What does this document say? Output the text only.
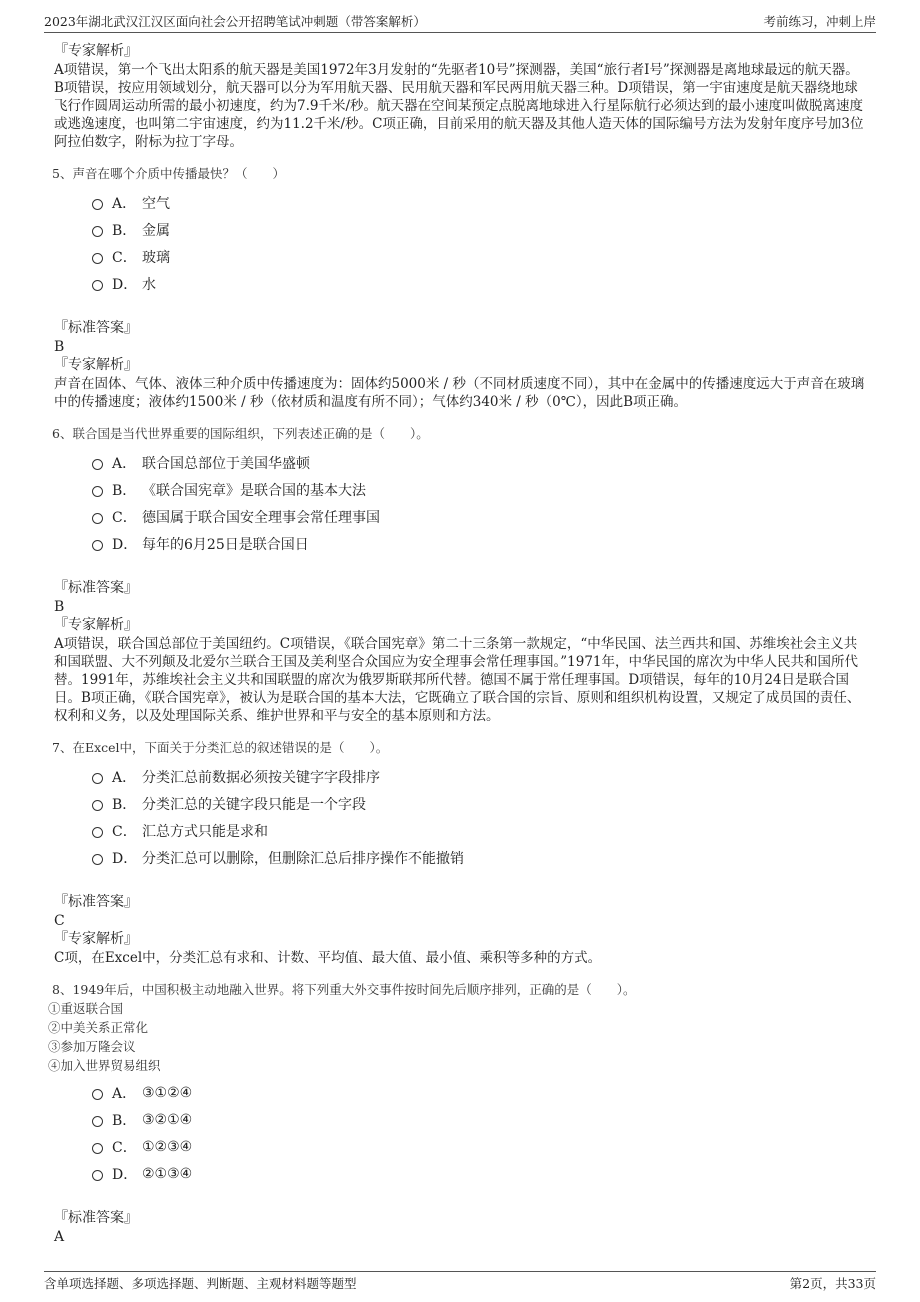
2023年湖北武汉江汉区面向社会公开招聘笔试冲刺题（带答案解析）	考前练习，冲刺上岸

『专家解析』

A项错误，第一个飞出太阳系的航天器是美国1972年3月发射的“先驱者10号”探测器，美国“旅行者I号”探测器是离地球最远的航天器。B项错误，按应用领域划分，航天器可以分为军用航天器、民用航天器和军民两用航天器三种。D项错误，第一宇宙速度是航天器绕地球飞行作圆周运动所需的最小初速度，约为7.9千米/秒。航天器在空间某预定点脱离地球进入行星际航行必须达到的最小速度叫做脱离速度或逃逸速度，也叫第二宇宙速度，约为11.2千米/秒。C项正确，目前采用的航天器及其他人造天体的国际编号方法为发射年度序号加3位阿拉伯数字，附标为拉丁字母。

5、声音在哪个介质中传播最快？（　　）

A． 空气
B． 金属
C． 玻璃
D． 水

『标准答案』

B

『专家解析』

声音在固体、气体、液体三种介质中传播速度为：固体约5000米 / 秒（不同材质速度不同），其中在金属中的传播速度远大于声音在玻璃中的传播速度；液体约1500米 / 秒（依材质和温度有所不同）；气体约340米 / 秒（0℃），因此B项正确。

6、联合国是当代世界重要的国际组织，下列表述正确的是（　　）。

A． 联合国总部位于美国华盛顿
B． 《联合国宪章》是联合国的基本大法
C． 德国属于联合国安全理事会常任理事国
D． 每年的6月25日是联合国日

『标准答案』

B

『专家解析』

A项错误，联合国总部位于美国纽约。C项错误，《联合国宪章》第二十三条第一款规定，“中华民国、法兰西共和国、苏维埃社会主义共和国联盟、大不列颠及北爱尔兰联合王国及美利坚合众国应为安全理事会常任理事国。”1971年，中华民国的席次为中华人民共和国所代替。1991年，苏维埃社会主义共和国联盟的席次为俄罗斯联邦所代替。德国不属于常任理事国。D项错误，每年的10月24日是联合国日。B项正确，《联合国宪章》，被认为是联合国的基本大法，它既确立了联合国的宗旨、原则和组织机构设置，又规定了成员国的责任、权利和义务，以及处理国际关系、维护世界和平与安全的基本原则和方法。

7、在Excel中，下面关于分类汇总的叙述错误的是（　　）。

A． 分类汇总前数据必须按关键字字段排序
B． 分类汇总的关键字段只能是一个字段
C． 汇总方式只能是求和
D． 分类汇总可以删除，但删除汇总后排序操作不能撤销

『标准答案』

C

『专家解析』

C项，在Excel中，分类汇总有求和、计数、平均值、最大值、最小值、乘积等多种的方式。

8、1949年后，中国积极主动地融入世界。将下列重大外交事件按时间先后顺序排列，正确的是（　　）。

①重返联合国

②中美关系正常化

③参加万隆会议

④加入世界贸易组织

A． ③①②④
B． ③②①④
C． ①②③④
D． ②①③④

『标准答案』

A

含单项选择题、多项选择题、判断题、主观材料题等题型	第2页，共33页
